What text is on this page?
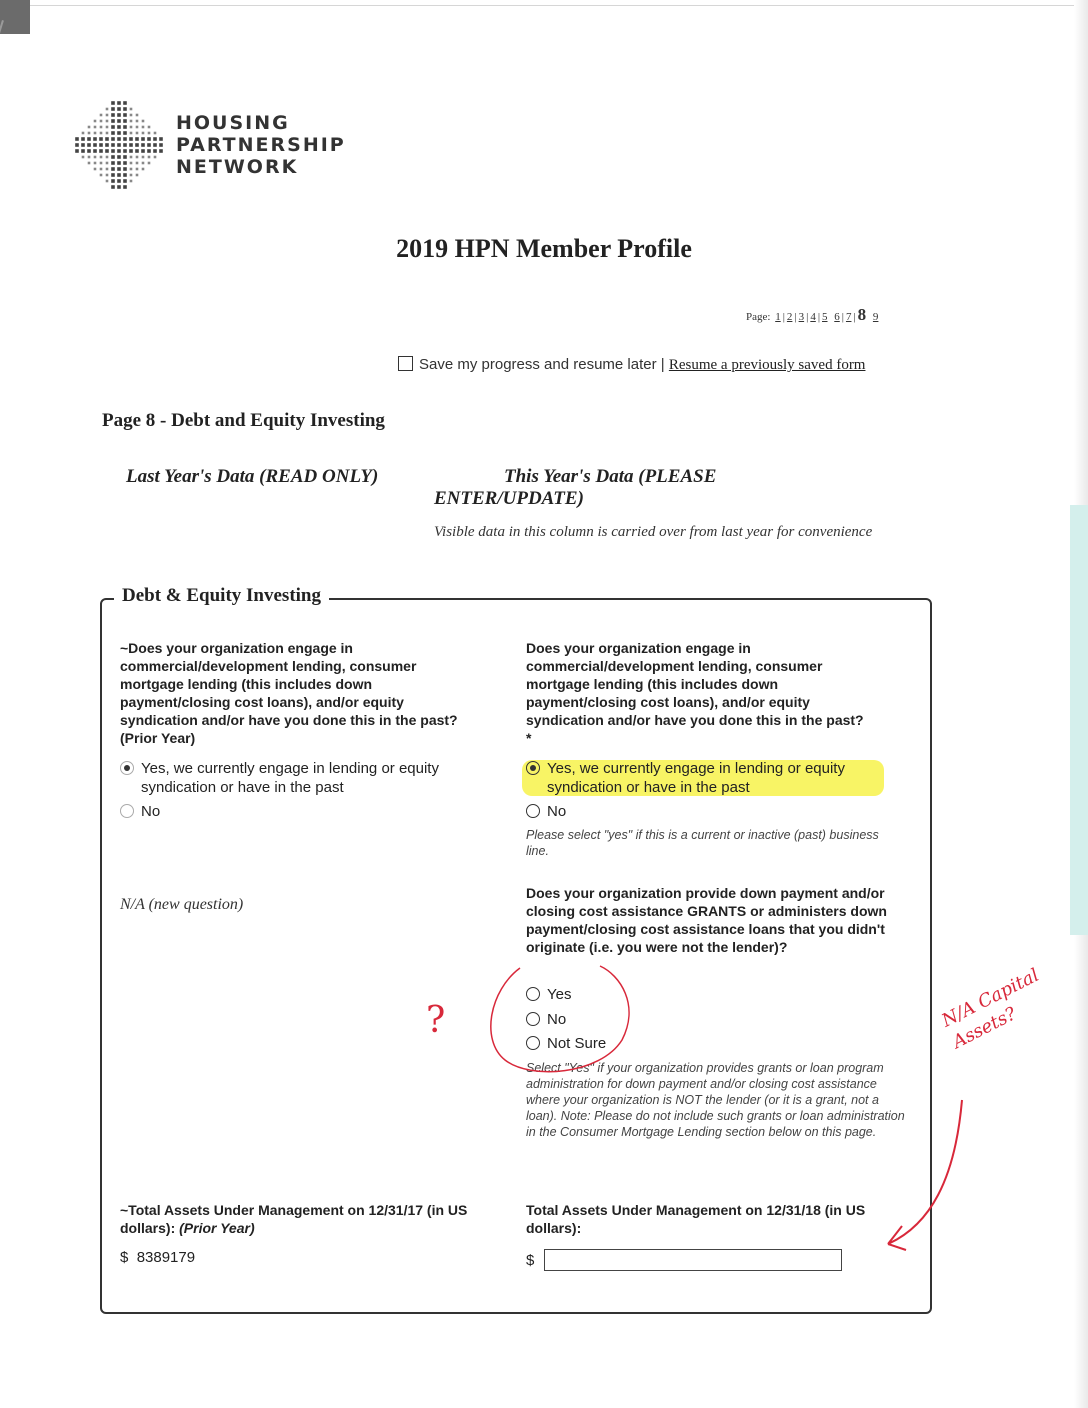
HOUSING
PARTNERSHIP
NETWORK
2019 HPN Member Profile
Page: 1 | 2 | 3 | 4 | 5 6 | 7 | 8 9
Save my progress and resume later | Resume a previously saved form
Page 8 - Debt and Equity Investing
Last Year's Data (READ ONLY)	This Year's Data (PLEASE ENTER/UPDATE)
Visible data in this column is carried over from last year for convenience
Debt & Equity Investing
~Does your organization engage in commercial/development lending, consumer mortgage lending (this includes down payment/closing cost loans), and/or equity syndication and/or have you done this in the past? (Prior Year)
Yes, we currently engage in lending or equity syndication or have in the past
No
Does your organization engage in commercial/development lending, consumer mortgage lending (this includes down payment/closing cost loans), and/or equity syndication and/or have you done this in the past? *
Yes, we currently engage in lending or equity syndication or have in the past
No
Please select "yes" if this is a current or inactive (past) business line.
N/A (new question)
Does your organization provide down payment and/or closing cost assistance GRANTS or administers down payment/closing cost assistance loans that you didn't originate (i.e. you were not the lender)?
Yes
No
Not Sure
Select "Yes" if your organization provides grants or loan program administration for down payment and/or closing cost assistance where your organization is NOT the lender (or it is a grant, not a loan). Note: Please do not include such grants or loan administration in the Consumer Mortgage Lending section below on this page.
~Total Assets Under Management on 12/31/17 (in US dollars): (Prior Year)
$ 8389179
Total Assets Under Management on 12/31/18 (in US dollars):
$
?	N/A Capital Assets?
